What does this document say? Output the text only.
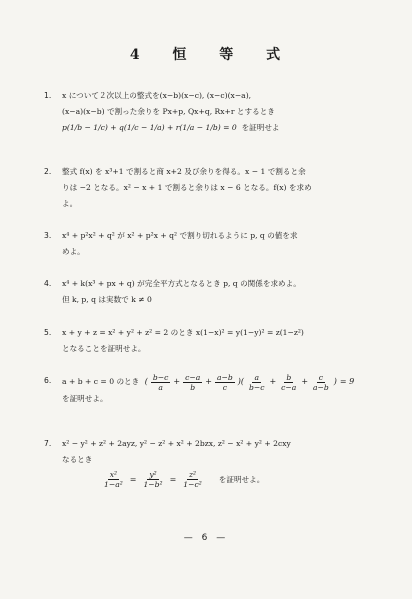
4 恒 等 式
1.	x について２次以上の整式を(x−b)(x−c), (x−c)(x−a),
(x−a)(x−b) で割った余りを Px+p, Qx+q, Rx+r とするとき
p(1/b − 1/c) + q(1/c − 1/a) + r(1/a − 1/b) = 0 を証明せよ
2.	整式 f(x) を x³+1 で割ると商 x+2 及び余りを得る。x − 1 で割ると余
りは −2 となる。x² − x + 1 で割ると余りは x − 6 となる。f(x) を求め
よ。
3.	x⁴ + p²x² + q² が x² + p²x + q² で割り切れるように p, q の値を求
めよ。
4.	x⁴ + k(x³ + px + q) が完全平方式となるとき p, q の関係を求めよ。
但 k, p, q は実数で k ≠ 0
5.	x + y + z = x² + y² + z² = 2 のとき x(1−x)² = y(1−y)² = z(1−z²)
となることを証明せよ。
6.	a + b + c = 0 のとき ( $\frac{b-c}{a} + \frac{c-a}{b} + \frac{a-b}{c}$ )( $\frac{a}{b-c} + \frac{b}{c-a} + \frac{c}{a-b}$ ) = 9
を証明せよ。
7.	x² − y² + z² + 2ayz, y² − z² + x² + 2bzx, z² − x² + y² + 2cxy
なるとき
$\frac{\text{x²}}{\text{1−a²}} = \frac{\text{y²}}{\text{1−b²}} = \frac{\text{z²}}{\text{1−c²}}$ を証明せよ。
— 6 —
